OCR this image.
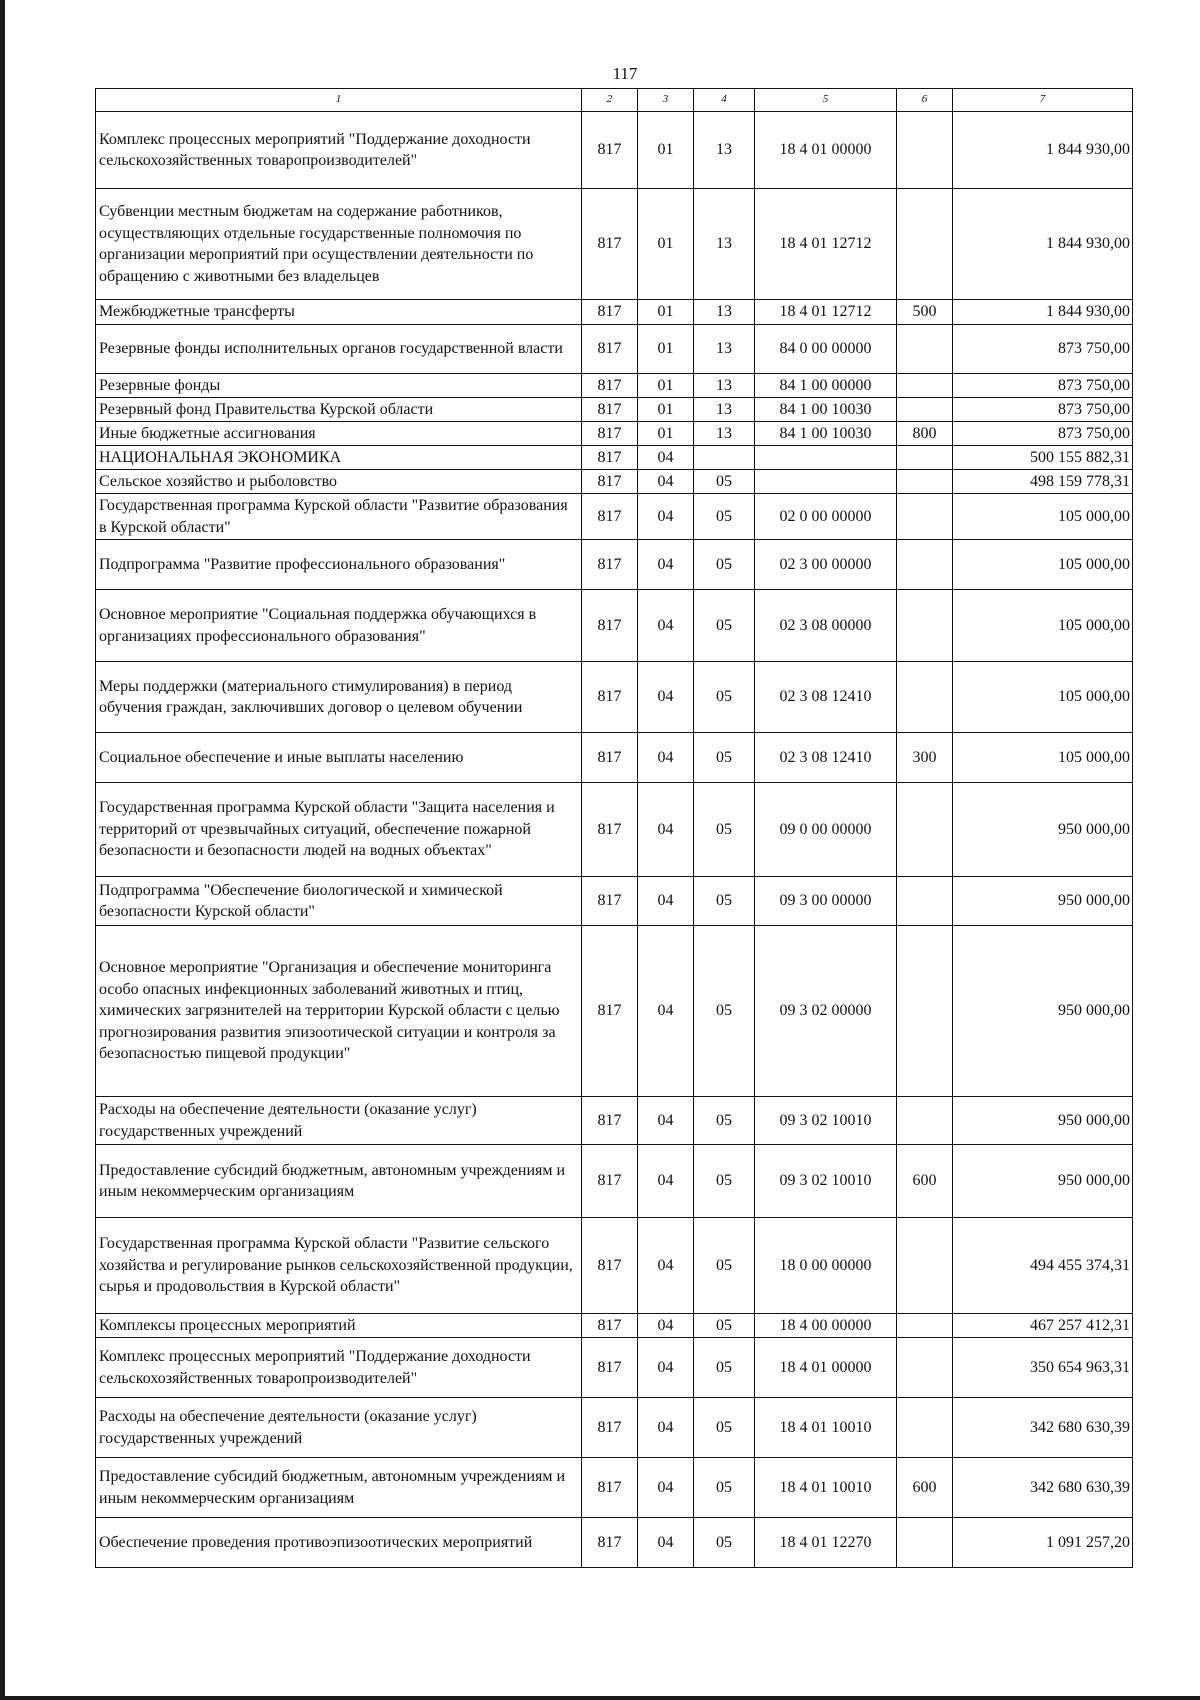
117
1	2	3	4	5	6	7
Комплекс процессных мероприятий "Поддержание доходности сельскохозяйственных товаропроизводителей"	817	01	13	18 4 01 00000		1 844 930,00
Субвенции местным бюджетам на содержание работников, осуществляющих отдельные государственные полномочия по организации мероприятий при осуществлении деятельности по обращению с животными без владельцев	817	01	13	18 4 01 12712		1 844 930,00
Межбюджетные трансферты	817	01	13	18 4 01 12712	500	1 844 930,00
Резервные фонды исполнительных органов государственной власти	817	01	13	84 0 00 00000		873 750,00
Резервные фонды	817	01	13	84 1 00 00000		873 750,00
Резервный фонд Правительства Курской области	817	01	13	84 1 00 10030		873 750,00
Иные бюджетные ассигнования	817	01	13	84 1 00 10030	800	873 750,00
НАЦИОНАЛЬНАЯ ЭКОНОМИКА	817	04				500 155 882,31
Сельское хозяйство и рыболовство	817	04	05			498 159 778,31
Государственная программа Курской области "Развитие образования в Курской области"	817	04	05	02 0 00 00000		105 000,00
Подпрограмма "Развитие профессионального образования"	817	04	05	02 3 00 00000		105 000,00
Основное мероприятие "Социальная поддержка обучающихся в организациях профессионального образования"	817	04	05	02 3 08 00000		105 000,00
Меры поддержки (материального стимулирования) в период обучения граждан, заключивших договор о целевом обучении	817	04	05	02 3 08 12410		105 000,00
Социальное обеспечение и иные выплаты населению	817	04	05	02 3 08 12410	300	105 000,00
Государственная программа Курской области "Защита населения и территорий от чрезвычайных ситуаций, обеспечение пожарной безопасности и безопасности людей на водных объектах"	817	04	05	09 0 00 00000		950 000,00
Подпрограмма "Обеспечение биологической и химической безопасности Курской области"	817	04	05	09 3 00 00000		950 000,00
Основное мероприятие "Организация и обеспечение мониторинга особо опасных инфекционных заболеваний животных и птиц, химических загрязнителей на территории Курской области с целью прогнозирования развития эпизоотической ситуации и контроля за безопасностью пищевой продукции"	817	04	05	09 3 02 00000		950 000,00
Расходы на обеспечение деятельности (оказание услуг) государственных учреждений	817	04	05	09 3 02 10010		950 000,00
Предоставление субсидий бюджетным, автономным учреждениям и иным некоммерческим организациям	817	04	05	09 3 02 10010	600	950 000,00
Государственная программа Курской области "Развитие сельского хозяйства и регулирование рынков сельскохозяйственной продукции, сырья и продовольствия в Курской области"	817	04	05	18 0 00 00000		494 455 374,31
Комплексы процессных мероприятий	817	04	05	18 4 00 00000		467 257 412,31
Комплекс процессных мероприятий "Поддержание доходности сельскохозяйственных товаропроизводителей"	817	04	05	18 4 01 00000		350 654 963,31
Расходы на обеспечение деятельности (оказание услуг) государственных учреждений	817	04	05	18 4 01 10010		342 680 630,39
Предоставление субсидий бюджетным, автономным учреждениям и иным некоммерческим организациям	817	04	05	18 4 01 10010	600	342 680 630,39
Обеспечение проведения противоэпизоотических мероприятий	817	04	05	18 4 01 12270		1 091 257,20
